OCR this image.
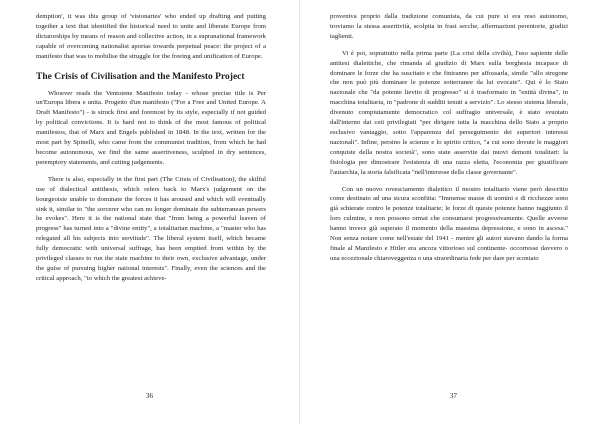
demption', it was this group of 'visionaries' who ended up drafting and putting together a text that identified the historical need to unite and liberate Europe from dictatorships by means of reason and collective action, in a supranational framework capable of overcoming nationalist aporias towards perpetual peace: the project of a manifesto that was to mobilise the struggle for the freeing and unification of Europe.

The Crisis of Civilisation and the Manifesto Project

Whoever reads the Ventotene Manifesto today - whose precise title is Per un'Europa libera e unita. Progetto d'un manifesto ("For a Free and United Europe. A Draft Manifesto") - is struck first and foremost by its style, especially if not guided by political convictions. It is hard not to think of the most famous of political manifestos, that of Marx and Engels published in 1848. In the text, written for the most part by Spinelli, who came from the communist tradition, from which he had become autonomous, we find the same assertiveness, sculpted in dry sentences, peremptory statements, and cutting judgements.

There is also, especially in the first part (The Crisis of Civilisation), the skilful use of dialectical antithesis, which refers back to Marx's judgement on the bourgeoisie unable to dominate the forces it has aroused and which will eventually sink it, similar to "the sorcerer who can no longer dominate the subterranean powers he evokes". Here it is the national state that "from being a powerful leaven of progress" has turned into a "divine entity", a totalitarian machine, a "master who has relegated all his subjects into servitude". The liberal system itself, which became fully democratic with universal suffrage, has been emptied from within by the privileged classes to run the state machine to their own, exclusive advantage, under the guise of pursuing higher national interests". Finally, even the sciences and the critical approach, "to which the greatest achieve-

36

proveniva proprio dalla tradizione comunista, da cui pure si era reso autonomo, troviamo la stessa assertività, scolpita in frasi secche, affermazioni perentorie, giudizi taglienti.

Vi è poi, soprattutto nella prima parte (La crisi della civiltà), l'uso sapiente delle antitesi dialettiche, che rimanda al giudizio di Marx sulla borghesia incapace di dominare le forze che ha suscitato e che finiranno per affossarla, simile "allo stregone che non può più dominare le potenze sotterranee da lui evocate". Qui è lo Stato nazionale che "da potente lievito di progresso" si è trasformato in "entità divina", in macchina totalitaria, in "padrone di sudditi tenuti a servizio". Lo stesso sistema liberale, divenuto compiutamente democratico col suffragio universale, è stato svuotato dall'interno dai ceti privilegiati "per dirigere tutta la macchina dello Stato a proprio esclusivo vantaggio, sotto l'apparenza del perseguimento dei superiori interessi nazionali". Infine, persino le scienze e lo spirito critico, "a cui sono dovute le maggiori conquiste della nostra società", sono state asservite dai nuovi demoni totalitari: la fisiologia per dimostrare l'esistenza di una razza eletta, l'economia per giustificare l'autarchia, la storia falsificata "nell'interesse della classe governante".

Con un nuovo rovesciamento dialettico il mostro totalitario viene però descritto come destinato ad una sicura sconfitta: "Immense masse di uomini e di ricchezze sono già schierate contro le potenze totalitarie; le forze di queste potenze hanno raggiunto il loro culmine, e non possono ormai che consumarsi progressivamente. Quelle avverse hanno invece già superato il momento della massima depressione, e sono in ascesa." Non senza notare come nell'estate del 1941 - mentre gli autori stavano dando la forma finale al Manifesto e Hitler era ancora vittorioso sul continente- occorresse davvero o una eccezionale chiaroveggenza o una straordinaria fede per dare per scontato

37
